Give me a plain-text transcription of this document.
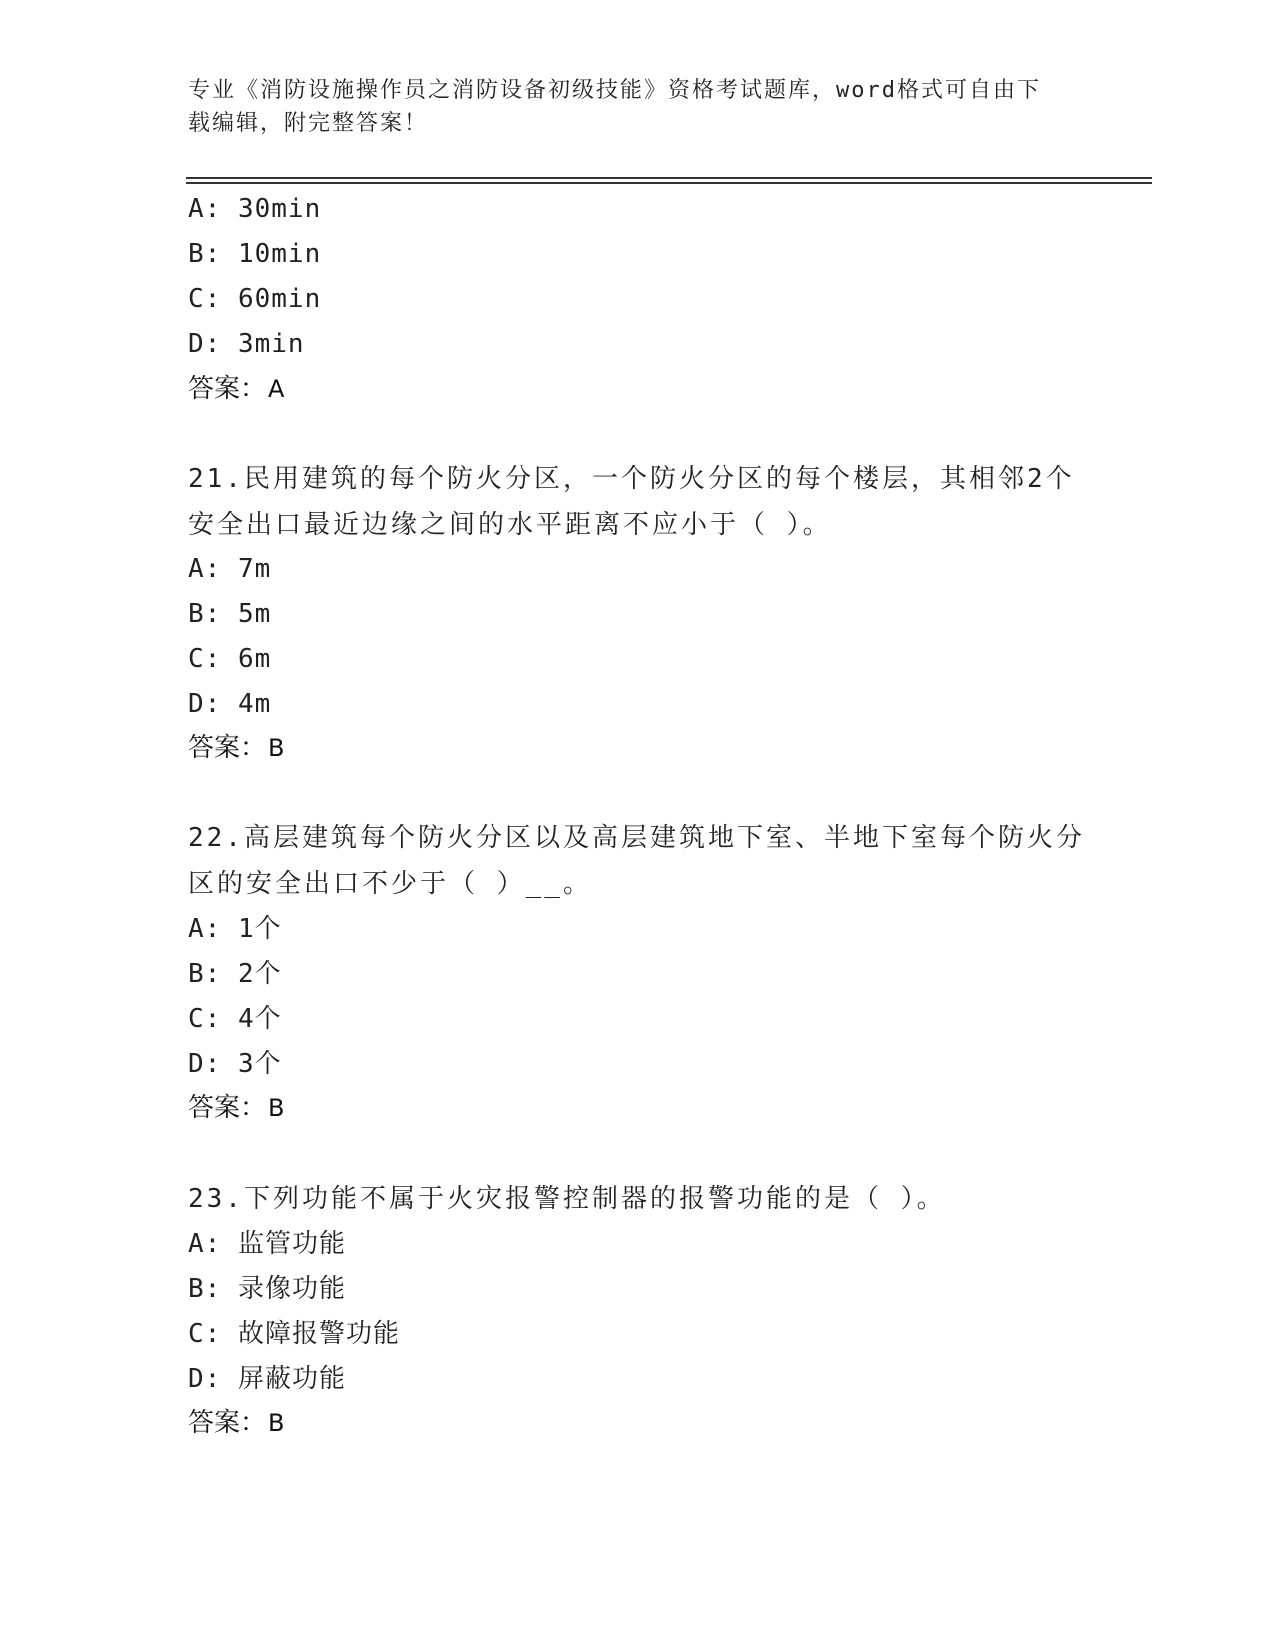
专业《消防设施操作员之消防设备初级技能》资格考试题库，word格式可自由下
载编辑，附完整答案！
A: 30min
B: 10min
C: 60min
D: 3min
答案：A
21.民用建筑的每个防火分区，一个防火分区的每个楼层，其相邻2个
安全出口最近边缘之间的水平距离不应小于（ ）。
A: 7m
B: 5m
C: 6m
D: 4m
答案：B
22.高层建筑每个防火分区以及高层建筑地下室、半地下室每个防火分
区的安全出口不少于（ ）__。
A: 1个
B: 2个
C: 4个
D: 3个
答案：B
23.下列功能不属于火灾报警控制器的报警功能的是（ ）。
A: 监管功能
B: 录像功能
C: 故障报警功能
D: 屏蔽功能
答案：B
